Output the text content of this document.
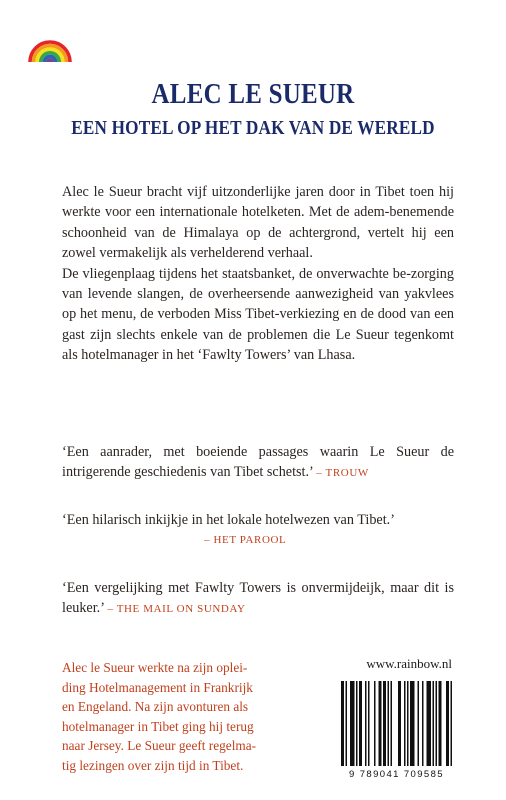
ALEC LE SUEUR
EEN HOTEL OP HET DAK VAN DE WERELD

Alec le Sueur bracht vijf uitzonderlijke jaren door in Tibet toen hij werkte voor een internationale hotelketen. Met de adem-benemende schoonheid van de Himalaya op de achtergrond, vertelt hij een zowel vermakelijk als verhelderend verhaal.

De vliegenplaag tijdens het staatsbanket, de onverwachte be-zorging van levende slangen, de overheersende aanwezigheid van yakvlees op het menu, de verboden Miss Tibet-verkiezing en de dood van een gast zijn slechts enkele van de problemen die Le Sueur tegenkomt als hotelmanager in het ‘Fawlty Towers’ van Lhasa.

‘Een aanrader, met boeiende passages waarin Le Sueur de intrigerende geschiedenis van Tibet schetst.’ – TROUW
‘Een hilarisch inkijkje in het lokale hotelwezen van Tibet.’
– HET PAROOL
‘Een vergelijking met Fawlty Towers is onvermijdeijk, maar dit is leuker.’ – THE MAIL ON SUNDAY
Alec le Sueur werkte na zijn oplei-
ding Hotelmanagement in Frankrijk
en Engeland. Na zijn avonturen als
hotelmanager in Tibet ging hij terug
naar Jersey. Le Sueur geeft regelma-
tig lezingen over zijn tijd in Tibet.
www.rainbow.nl
9 789041 709585
